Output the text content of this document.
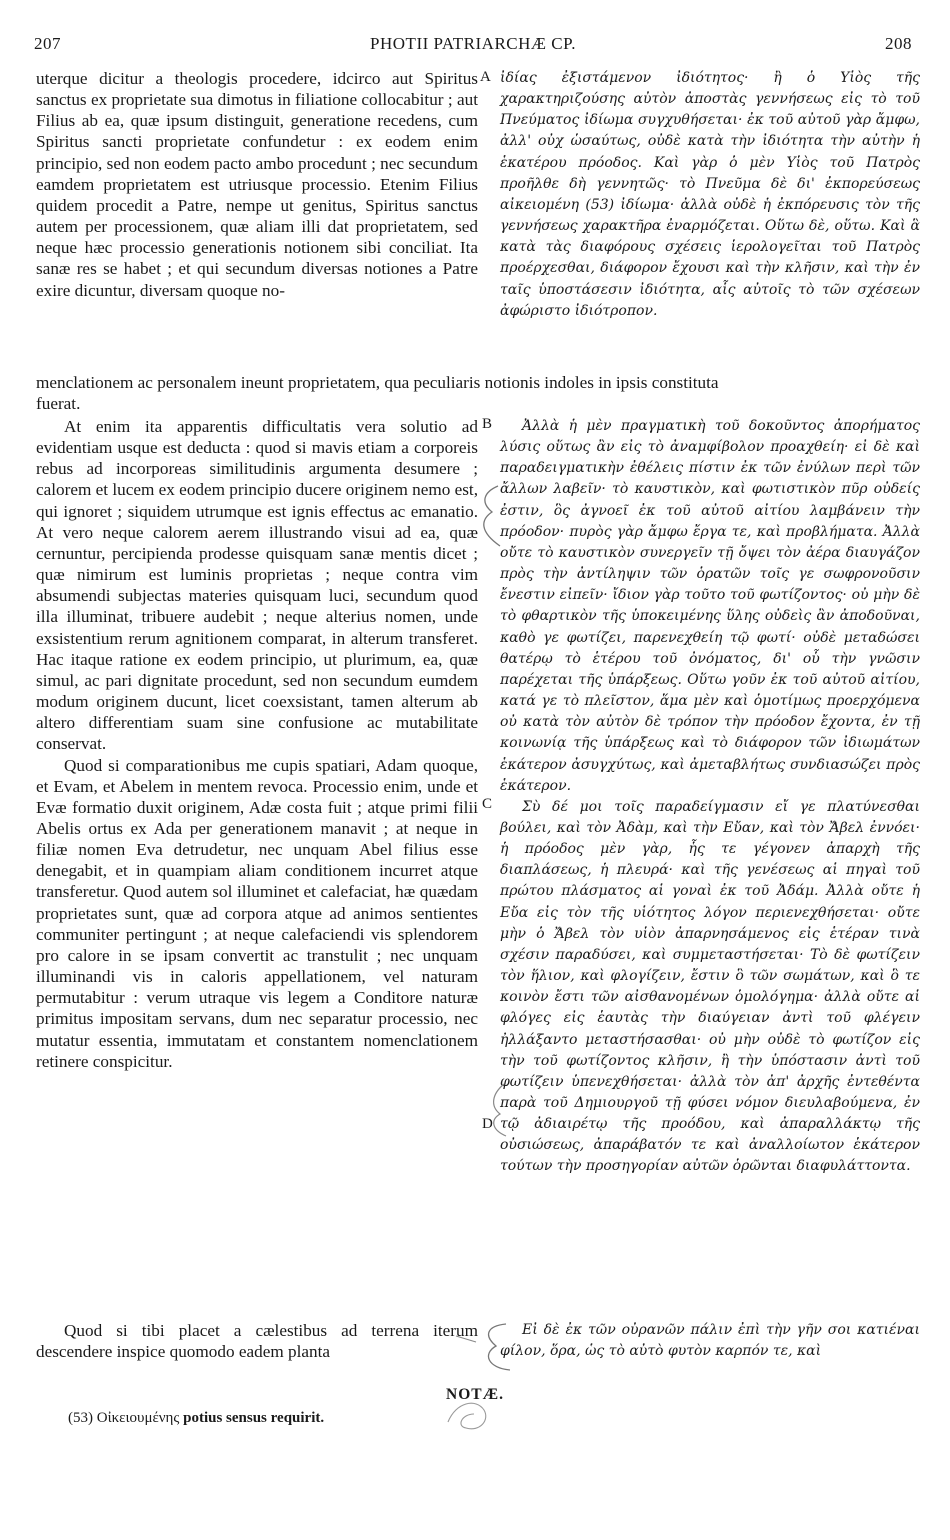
207	PHOTII PATRIARCHÆ CP.	208

uterque dicitur a theologis procedere, idcirco aut Spiritus sanctus ex proprietate sua dimotus in filiatione collocabitur ; aut Filius ab ea, quæ ipsum distinguit, generatione recedens, cum Spiritus sancti proprietate confundetur : ex eodem enim principio, sed non eodem pacto ambo procedunt ; nec secundum eamdem proprietatem est utriusque processio. Etenim Filius quidem procedit a Patre, nempe ut genitus, Spiritus sanctus autem per processionem, quæ aliam illi dat proprietatem, sed neque hæc processio generationis notionem sibi conciliat. Ita sanæ res se habet ; et qui secundum diversas notiones a Patre exire dicuntur, diversam quoque no-

A ἰδίας ἐξιστάμενον ἰδιότητος· ἢ ὁ Υἱὸς τῆς χαρακτηριζούσης αὐτὸν ἀποστὰς γεννήσεως εἰς τὸ τοῦ Πνεύματος ἰδίωμα συγχυθήσεται· ἐκ τοῦ αὐτοῦ γὰρ ἄμφω, ἀλλ' οὐχ ὡσαύτως, οὐδὲ κατὰ τὴν ἰδιότητα τὴν αὐτὴν ἡ ἑκατέρου πρόοδος. Καὶ γὰρ ὁ μὲν Υἱὸς τοῦ Πατρὸς προῆλθε δὴ γεννητῶς· τὸ Πνεῦμα δὲ δι' ἐκπορεύσεως αἰκειομένη (53) ἰδίωμα· ἀλλὰ οὐδὲ ἡ ἐκπόρευσις τὸν τῆς γεννήσεως χαρακτῆρα ἐναρμόζεται. Οὕτω δὲ, οὕτω. Καὶ ἃ κατὰ τὰς διαφόρους σχέσεις ἱερολογεῖται τοῦ Πατρὸς προέρχεσθαι, διάφορον ἔχουσι καὶ τὴν κλῆσιν, καὶ τὴν ἐν ταῖς ὑποστάσεσιν ἰδιότητα, αἷς αὐτοῖς τὸ τῶν σχέσεων ἀφώριστο ἰδιότροπον.

menclationem ac personalem ineunt proprietatem, qua peculiaris notionis indoles in ipsis constituta
fuerat.

At enim ita apparentis difficultatis vera solutio ad evidentiam usque est deducta : quod si mavis etiam a corporeis rebus ad incorporeas similitudinis argumenta desumere ; calorem et lucem ex eodem principio ducere originem nemo est, qui ignoret ; siquidem utrumque est ignis effectus ac emanatio. At vero neque calorem aerem illustrando visui ad ea, quæ cernuntur, percipienda prodesse quisquam sanæ mentis dicet ; quæ nimirum est luminis proprietas ; neque contra vim absumendi subjectas materies quisquam luci, secundum quod illa illuminat, tribuere audebit ; neque alterius nomen, unde exsistentium rerum agnitionem comparat, in alterum transferet. Hac itaque ratione ex eodem principio, ut plurimum, ea, quæ simul, ac pari dignitate procedunt, sed non secundum eumdem modum originem ducunt, licet coexsistant, tamen alterum ab altero differentiam suam sine confusione ac mutabilitate conservat.

Quod si comparationibus me cupis spatiari, Adam quoque, et Evam, et Abelem in mentem revoca. Processio enim, unde et Evæ formatio duxit originem, Adæ costa fuit ; atque primi filii Abelis ortus ex Ada per generationem manavit ; at neque in filiæ nomen Eva detrudetur, nec unquam Abel filius esse denegabit, et in quampiam aliam conditionem incurret atque transferetur. Quod autem sol illuminet et calefaciat, hæ quædam proprietates sunt, quæ ad corpora atque ad animos sentientes communiter pertingunt ; at neque calefaciendi vis splendorem pro calore in se ipsam convertit ac transtulit ; nec unquam illuminandi vis in caloris appellationem, vel naturam permutabitur : verum utraque vis legem a Conditore naturæ primitus impositam servans, dum nec separatur processio, nec mutatur essentia, immutatam et constantem nomenclationem retinere conspicitur.

B
C
D

Ἀλλὰ ἡ μὲν πραγματικὴ τοῦ δοκοῦντος ἀπορήματος λύσις οὕτως ἂν εἰς τὸ ἀναμφίβολον προαχθείη· εἰ δὲ καὶ παραδειγματικὴν ἐθέλεις πίστιν ἐκ τῶν ἐνύλων περὶ τῶν ἄλλων λαβεῖν· τὸ καυστικὸν, καὶ φωτιστικὸν πῦρ οὐδείς ἐστιν, ὃς ἀγνοεῖ ἐκ τοῦ αὐτοῦ αἰτίου λαμβάνειν τὴν πρόοδον· πυρὸς γὰρ ἄμφω ἔργα τε, καὶ προβλήματα. Ἀλλὰ οὔτε τὸ καυστικὸν συνεργεῖν τῇ ὄψει τὸν ἀέρα διαυγάζον πρὸς τὴν ἀντίληψιν τῶν ὁρατῶν τοῖς γε σωφρονοῦσιν ἔνεστιν εἰπεῖν· ἴδιον γὰρ τοῦτο τοῦ φωτίζοντος· οὐ μὴν δὲ τὸ φθαρτικὸν τῆς ὑποκειμένης ὕλης οὐδεὶς ἂν ἀποδοῦναι, καθὸ γε φωτίζει, παρενεχθείη τῷ φωτί· οὐδὲ μεταδώσει θατέρῳ τὸ ἑτέρου τοῦ ὀνόματος, δι' οὗ τὴν γνῶσιν παρέχεται τῆς ὑπάρξεως. Οὕτω γοῦν ἐκ τοῦ αὐτοῦ αἰτίου, κατά γε τὸ πλεῖστον, ἅμα μὲν καὶ ὁμοτίμως προερχόμενα οὐ κατὰ τὸν αὐτὸν δὲ τρόπον τὴν πρόοδον ἔχοντα, ἐν τῇ κοινωνίᾳ τῆς ὑπάρξεως καὶ τὸ διάφορον τῶν ἰδιωμάτων ἑκάτερον ἀσυγχύτως, καὶ ἀμεταβλήτως συνδιασώζει πρὸς ἑκάτερον.

Σὺ δέ μοι τοῖς παραδείγμασιν εἴ γε πλατύνεσθαι βούλει, καὶ τὸν Ἀδὰμ, καὶ τὴν Εὔαν, καὶ τὸν Ἄβελ ἐννόει· ἡ πρόοδος μὲν γὰρ, ἧς τε γέγονεν ἀπαρχὴ τῆς διαπλάσεως, ἡ πλευρά· καὶ τῆς γενέσεως αἱ πηγαὶ τοῦ πρώτου πλάσματος αἱ γοναὶ ἐκ τοῦ Ἀδάμ. Ἀλλὰ οὔτε ἡ Εὔα εἰς τὸν τῆς υἱότητος λόγον περιενεχθήσεται· οὔτε μὴν ὁ Ἄβελ τὸν υἱὸν ἀπαρνησάμενος εἰς ἑτέραν τινὰ σχέσιν παραδύσει, καὶ συμμεταστήσεται· Τὸ δὲ φωτίζειν τὸν ἥλιον, καὶ φλογίζειν, ἔστιν ὃ τῶν σωμάτων, καὶ ὃ τε κοινὸν ἔστι τῶν αἰσθανομένων ὁμολόγημα· ἀλλὰ οὔτε αἱ φλόγες εἰς ἑαυτὰς τὴν διαύγειαν ἀντὶ τοῦ φλέγειν ἠλλάξαντο μεταστήσασθαι· οὐ μὴν οὐδὲ τὸ φωτίζον εἰς τὴν τοῦ φωτίζοντος κλῆσιν, ἢ τὴν ὑπόστασιν ἀντὶ τοῦ φωτίζειν ὑπενεχθήσεται· ἀλλὰ τὸν ἀπ' ἀρχῆς ἐντεθέντα παρὰ τοῦ Δημιουργοῦ τῇ φύσει νόμον διευλαβούμενα, ἐν τῷ ἀδιαιρέτῳ τῆς προόδου, καὶ ἀπαραλλάκτῳ τῆς οὐσιώσεως, ἀπαράβατόν τε καὶ ἀναλλοίωτον ἑκάτερον τούτων τὴν προσηγορίαν αὐτῶν ὁρῶνται διαφυλάττοντα.

Quod si tibi placet a cælestibus ad terrena iterum descendere inspice quomodo eadem planta

Εἰ δὲ ἐκ τῶν οὐρανῶν πάλιν ἐπὶ τὴν γῆν σοι κατιέναι φίλον, ὅρα, ὡς τὸ αὐτὸ φυτὸν καρπόν τε, καὶ

NOTÆ.
(53) Οἰκειουμένης potius sensus requirit.
